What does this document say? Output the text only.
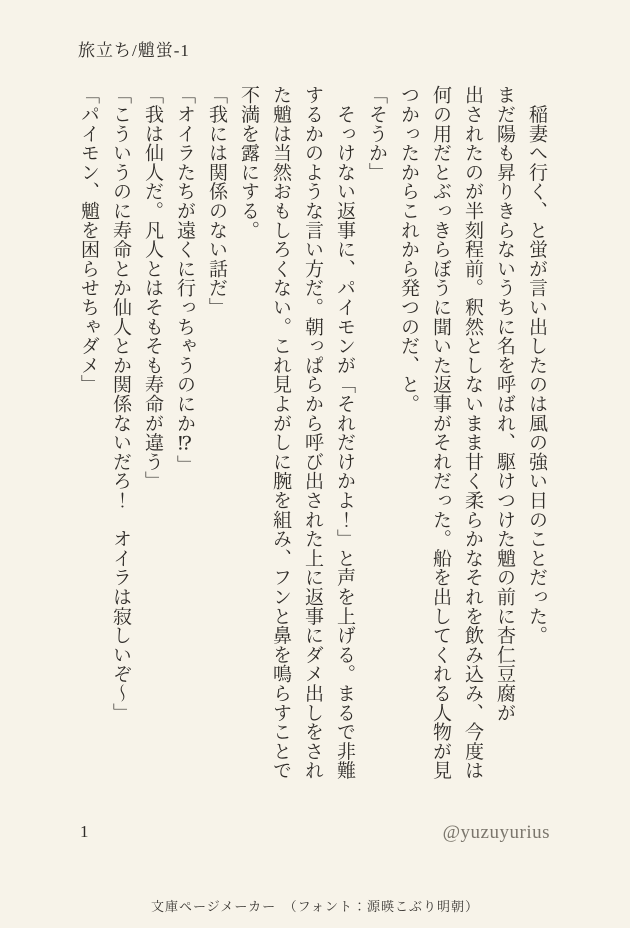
旅立ち/魈蛍-1

　稲妻へ行く、と蛍が言い出したのは風の強い日のことだった。

まだ陽も昇りきらないうちに名を呼ばれ、駆けつけた魈の前に杏仁豆腐が

出されたのが半刻程前。釈然としないまま甘く柔らかなそれを飲み込み、今度は

何の用だとぶっきらぼうに聞いた返事がそれだった。船を出してくれる人物が見

つかったからこれから発つのだ、と。

「そうか」

　そっけない返事に、パイモンが「それだけかよ！」と声を上げる。まるで非難

するかのような言い方だ。朝っぱらから呼び出された上に返事にダメ出しをされ

た魈は当然おもしろくない。これ見よがしに腕を組み、フンと鼻を鳴らすことで

不満を露にする。

「我には関係のない話だ」

「オイラたちが遠くに行っちゃうのにか⁉」

「我は仙人だ。凡人とはそもそも寿命が違う」

「こういうのに寿命とか仙人とか関係ないだろ！　オイラは寂しいぞ～」

「パイモン、魈を困らせちゃダメ」

1	@yuzuyurius
文庫ページメーカー　（フォント：源暎こぶり明朝）
